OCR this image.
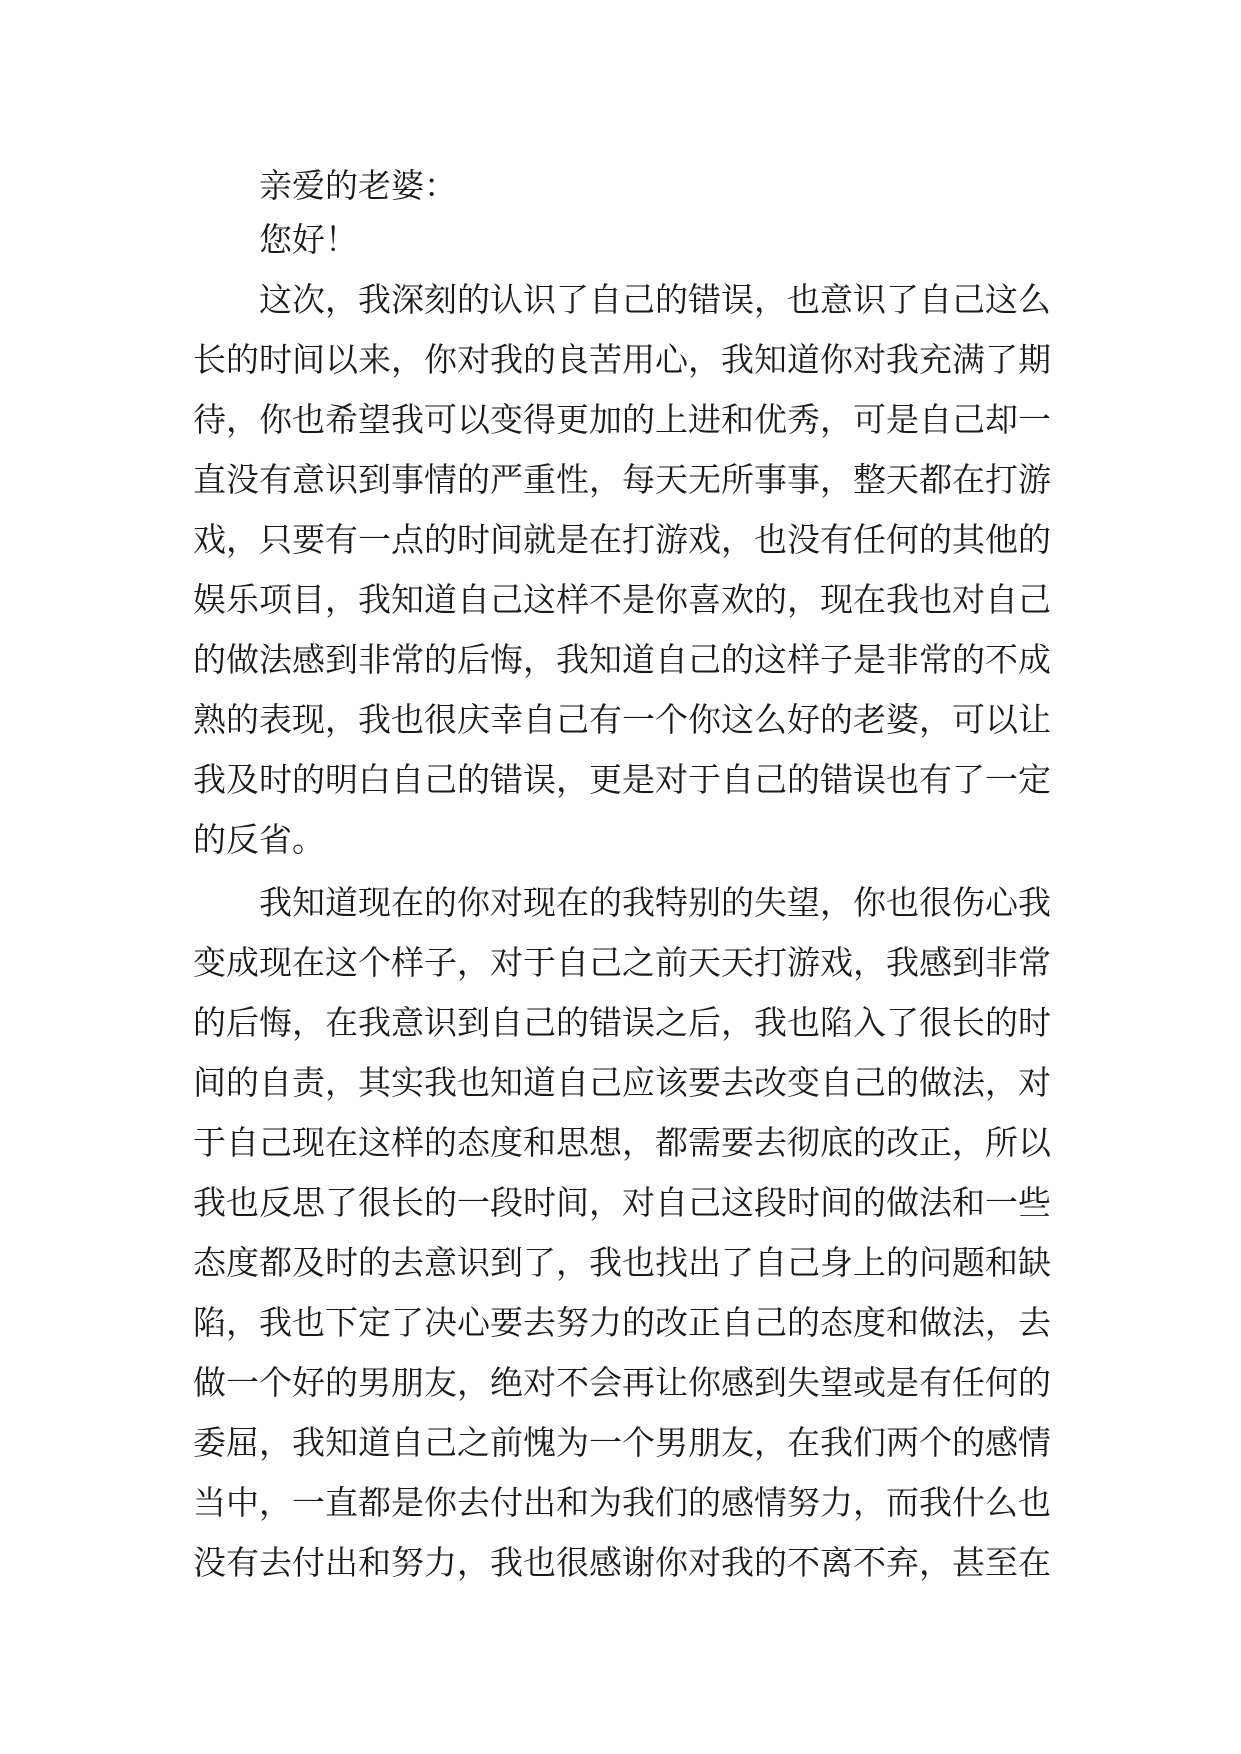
亲爱的老婆：
您好！
这次，我深刻的认识了自己的错误，也意识了自己这么
长的时间以来，你对我的良苦用心，我知道你对我充满了期
待，你也希望我可以变得更加的上进和优秀，可是自己却一
直没有意识到事情的严重性，每天无所事事，整天都在打游
戏，只要有一点的时间就是在打游戏，也没有任何的其他的
娱乐项目，我知道自己这样不是你喜欢的，现在我也对自己
的做法感到非常的后悔，我知道自己的这样子是非常的不成
熟的表现，我也很庆幸自己有一个你这么好的老婆，可以让
我及时的明白自己的错误，更是对于自己的错误也有了一定
的反省。
我知道现在的你对现在的我特别的失望，你也很伤心我
变成现在这个样子，对于自己之前天天打游戏，我感到非常
的后悔，在我意识到自己的错误之后，我也陷入了很长的时
间的自责，其实我也知道自己应该要去改变自己的做法，对
于自己现在这样的态度和思想，都需要去彻底的改正，所以
我也反思了很长的一段时间，对自己这段时间的做法和一些
态度都及时的去意识到了，我也找出了自己身上的问题和缺
陷，我也下定了决心要去努力的改正自己的态度和做法，去
做一个好的男朋友，绝对不会再让你感到失望或是有任何的
委屈，我知道自己之前愧为一个男朋友，在我们两个的感情
当中，一直都是你去付出和为我们的感情努力，而我什么也
没有去付出和努力，我也很感谢你对我的不离不弃，甚至在
